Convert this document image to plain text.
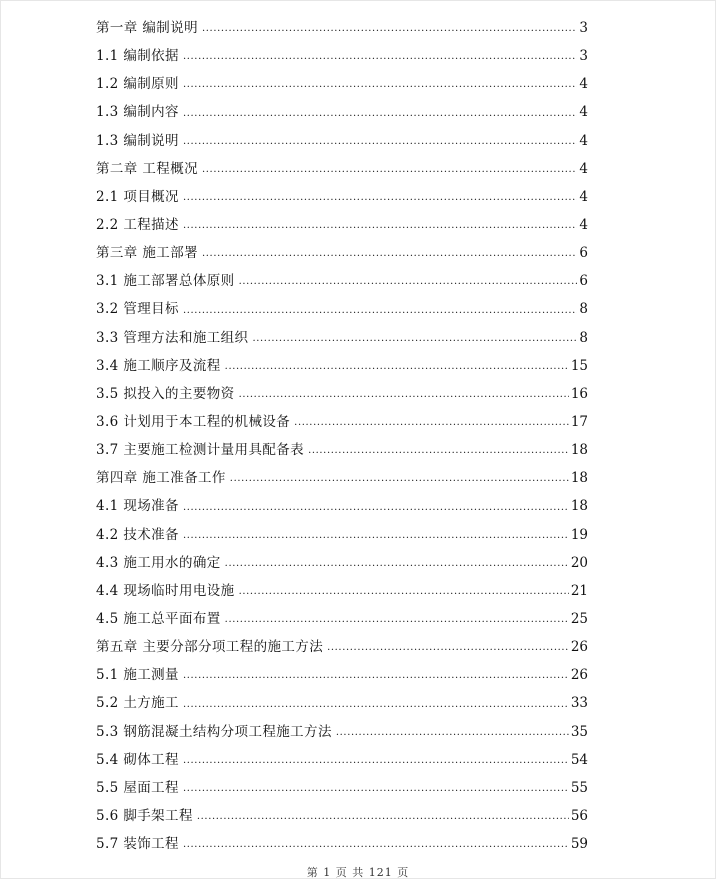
第一章 编制说明 ·····	3
1.1 编制依据 ·····	3
1.2 编制原则 ·····	4
1.3 编制内容 ·····	4
1.3 编制说明 ·····	4
第二章 工程概况 ·····	4
2.1 项目概况 ·····	4
2.2 工程描述 ·····	4
第三章 施工部署 ·····	6
3.1 施工部署总体原则 ·····	6
3.2 管理目标 ·····	8
3.3 管理方法和施工组织 ·····	8
3.4 施工顺序及流程 ·····	15
3.5 拟投入的主要物资 ·····	16
3.6 计划用于本工程的机械设备 ·····	17
3.7 主要施工检测计量用具配备表 ·····	18
第四章 施工准备工作 ·····	18
4.1 现场准备 ·····	18
4.2 技术准备 ·····	19
4.3 施工用水的确定 ·····	20
4.4 现场临时用电设施 ·····	21
4.5 施工总平面布置 ·····	25
第五章 主要分部分项工程的施工方法 ·····	26
5.1 施工测量 ·····	26
5.2 土方施工 ·····	33
5.3 钢筋混凝土结构分项工程施工方法 ·····	35
5.4 砌体工程 ·····	54
5.5 屋面工程 ·····	55
5.6 脚手架工程 ·····	56
5.7 装饰工程 ·····	59
第 1 页 共 121 页
